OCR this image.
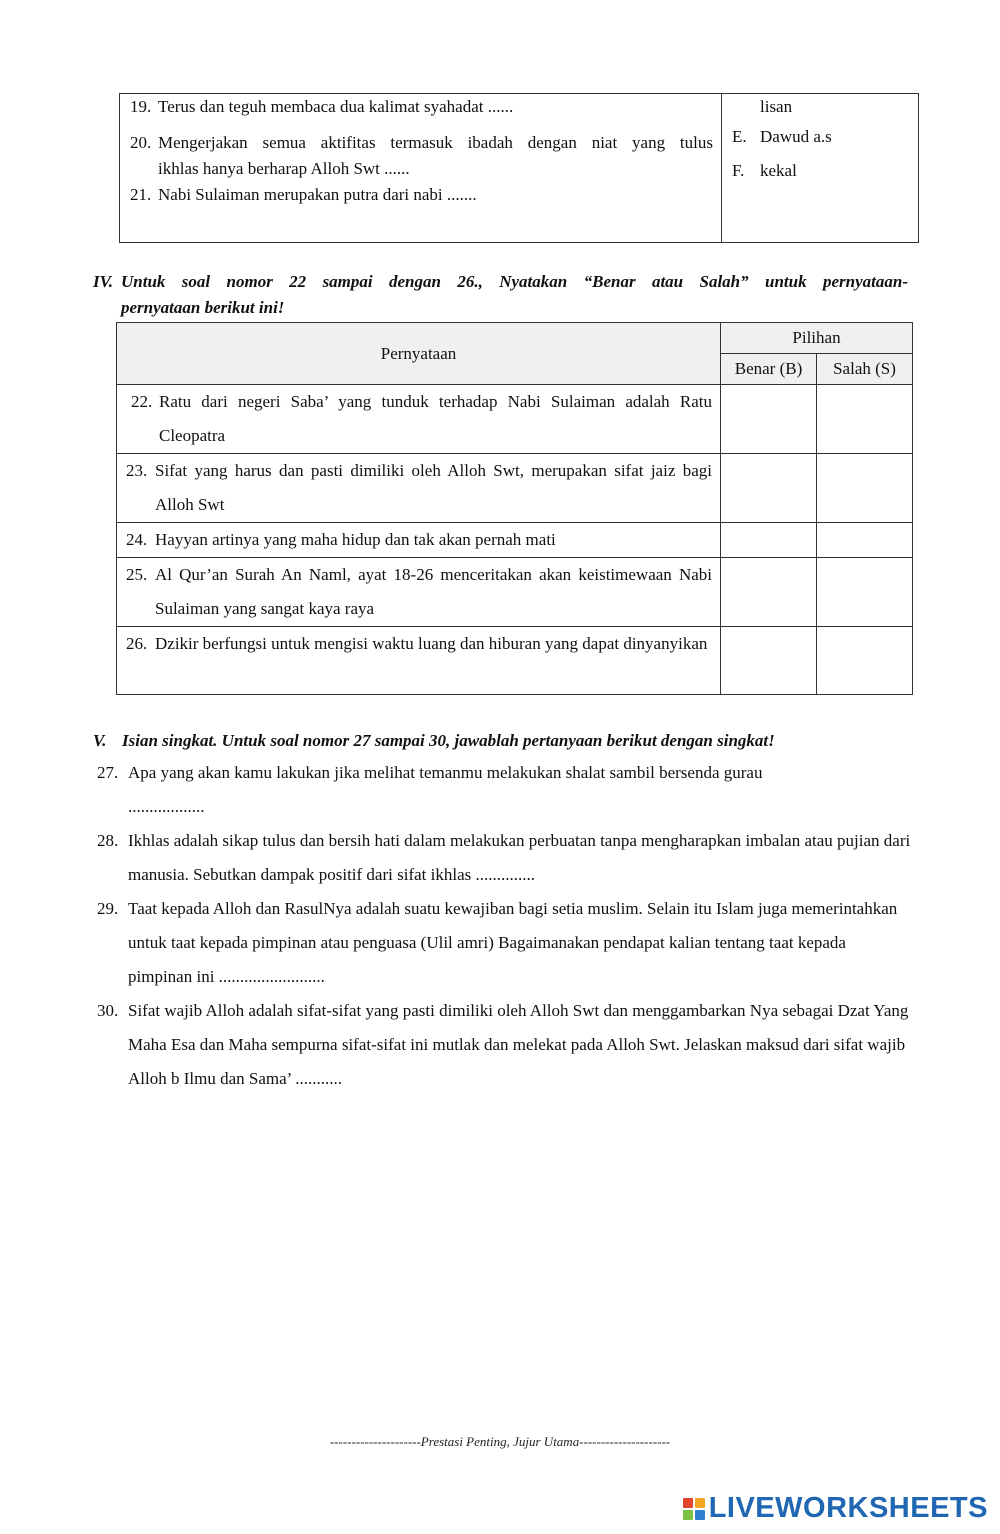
19. Terus dan teguh membaca dua kalimat syahadat ......
20. Mengerjakan semua aktifitas termasuk ibadah dengan niat yang tulus
ikhlas hanya berharap Alloh Swt ......
21. Nabi Sulaiman merupakan putra dari nabi .......

lisan
E. Dawud a.s
F. kekal
IV. Untuk soal nomor 22 sampai dengan 26., Nyatakan “Benar atau Salah” untuk pernyataan-
pernyataan berikut ini!
Pernyataan	Pilihan	
	Benar (B)	Salah (S)

22. Ratu dari negeri Saba’ yang tunduk terhadap Nabi Sulaiman adalah Ratu Cleopatra		

23. Sifat yang harus dan pasti dimiliki oleh Alloh Swt, merupakan sifat jaiz bagi Alloh Swt		

24. Hayyan artinya yang maha hidup dan tak akan pernah mati		

25. Al Qur’an Surah An Naml, ayat 18-26 menceritakan akan keistimewaan Nabi Sulaiman yang sangat kaya raya		

26. Dzikir berfungsi untuk mengisi waktu luang dan hiburan yang dapat dinyanyikan		

V. Isian singkat. Untuk soal nomor 27 sampai 30, jawablah pertanyaan berikut dengan singkat!
27. Apa yang akan kamu lakukan jika melihat temanmu melakukan shalat sambil bersenda gurau
..................
28. Ikhlas adalah sikap tulus dan bersih hati dalam melakukan perbuatan tanpa mengharapkan imbalan atau pujian dari manusia. Sebutkan dampak positif dari sifat ikhlas ..............
29. Taat kepada Alloh dan RasulNya adalah suatu kewajiban bagi setia muslim. Selain itu Islam juga memerintahkan untuk taat kepada pimpinan atau penguasa (Ulil amri) Bagaimanakan pendapat kalian tentang taat kepada pimpinan ini .........................
30. Sifat wajib Alloh adalah sifat-sifat yang pasti dimiliki oleh Alloh Swt dan menggambarkan Nya sebagai Dzat Yang Maha Esa dan Maha sempurna sifat-sifat ini mutlak dan melekat pada Alloh Swt. Jelaskan maksud dari sifat wajib Alloh b Ilmu dan Sama’ ...........
---------------------Prestasi Penting, Jujur Utama---------------------
LIVEWORKSHEETS
